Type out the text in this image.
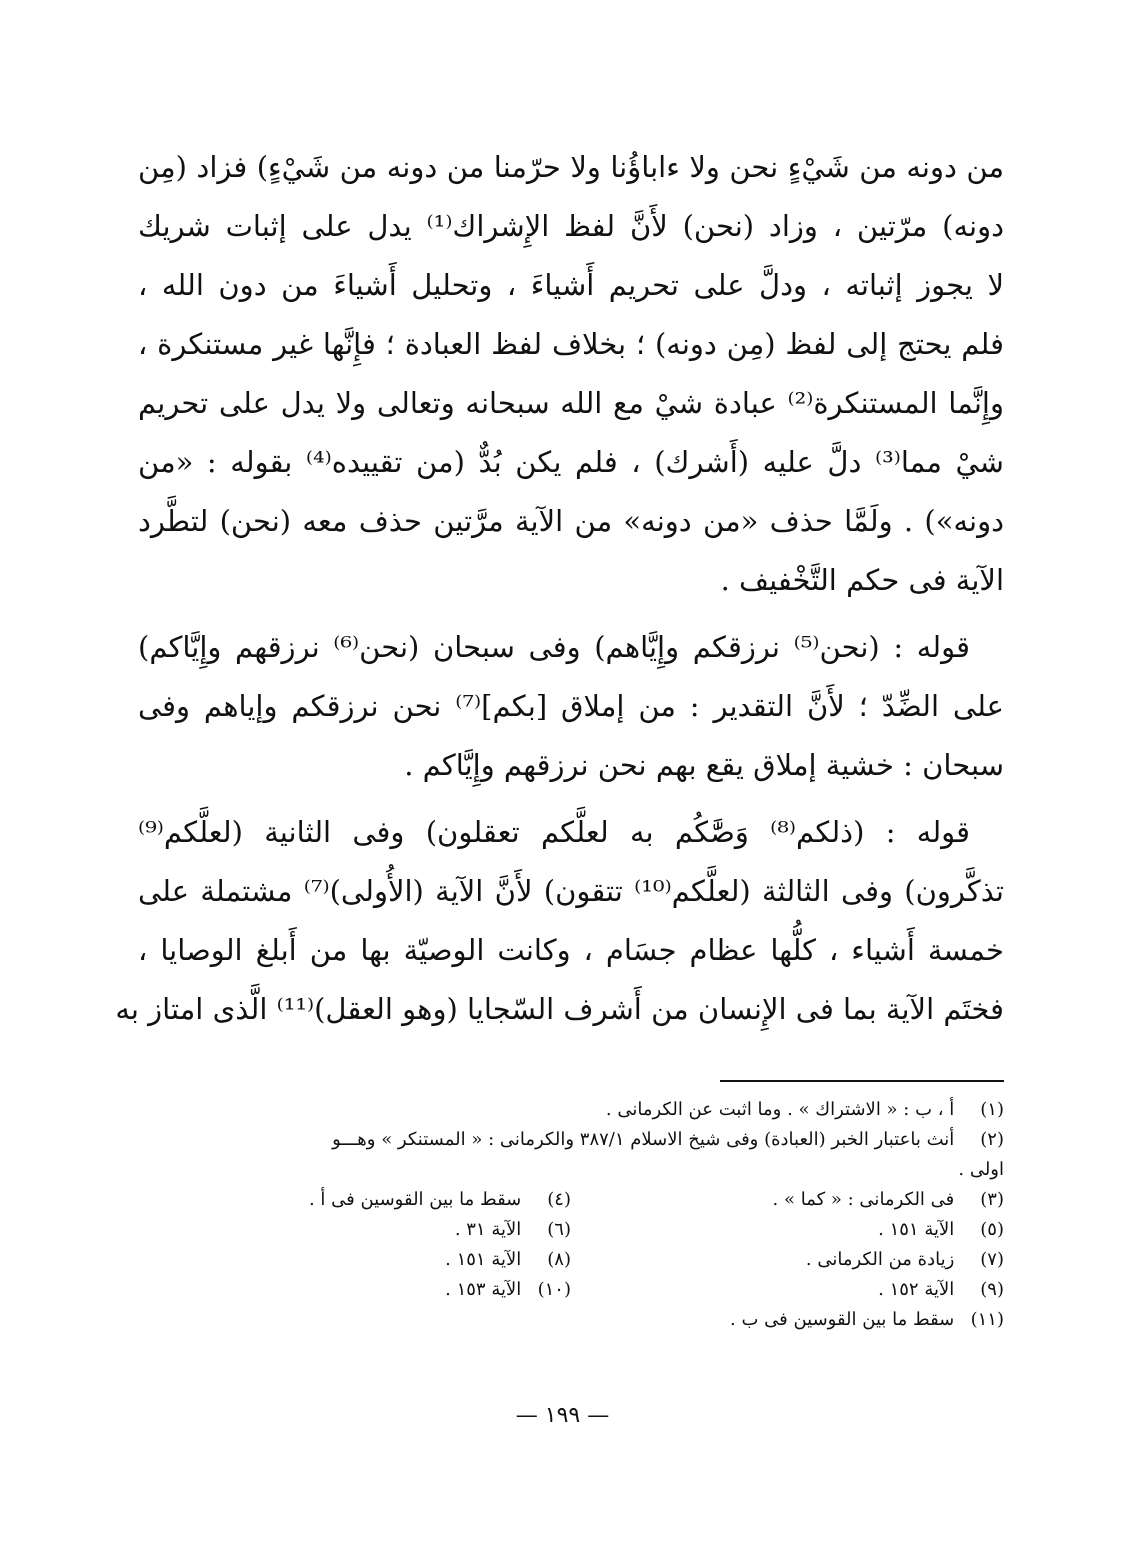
من دونه من شَيْءٍ نحن ولا ءاباؤُنا ولا حرّمنا من دونه من شَيْءٍ) فزاد (مِن
دونه) مرّتين ، وزاد (نحن) لأَنَّ لفظ الإِشراك⁽¹⁾ يدل على إثبات شريك
لا يجوز إثباته ، ودلَّ على تحريم أَشياءَ ، وتحليل أَشياءَ من دون الله ،
فلم يحتج إلى لفظ (مِن دونه) ؛ بخلاف لفظ العبادة ؛ فإِنَّها غير مستنكرة ،
وإِنَّما المستنكرة⁽²⁾ عبادة شيْ مع الله سبحانه وتعالى ولا يدل على تحريم
شيْ مما⁽³⁾ دلَّ عليه (أَشرك) ، فلم يكن بُدٌّ (من تقييده⁽⁴⁾ بقوله : «من
دونه») . ولَمَّا حذف «من دونه» من الآية مرَّتين حذف معه (نحن) لتطَّرد
الآية فى حكم التَّخْفيف .
قوله : (نحن⁽⁵⁾ نرزقكم وإِيَّاهم) وفى سبحان (نحن⁽⁶⁾ نرزقهم وإِيَّاكم)
على الضِّدّ ؛ لأَنَّ التقدير : من إملاق [بكم]⁽⁷⁾ نحن نرزقكم وإياهم وفى
سبحان : خشية إملاق يقع بهم نحن نرزقهم وإِيَّاكم .
قوله : (ذلكم⁽⁸⁾ وَصَّٰكُم به لعلَّكم تعقلون) وفى الثانية (لعلَّكم⁽⁹⁾
تذكَّرون) وفى الثالثة (لعلَّكم⁽¹⁰⁾ تتقون) لأَنَّ الآية (الأُولى)⁽⁷⁾ مشتملة على
خمسة أَشياء ، كلُّها عظام جسَام ، وكانت الوصيّة بها من أَبلغ الوصايا ،
فختَم الآية بما فى الإِنسان من أَشرف السّجايا (وهو العقل)⁽¹¹⁾ الَّذى امتاز به
(١) أ ، ب : « الاشتراك » . وما اثبت عن الكرمانى .
(٢) أنث باعتبار الخبر (العبادة) وفى شيخ الاسلام ٣٨٧/١ والكرمانى : « المستنكر » وهـــو
اولى .
(٣) فى الكرمانى : « كما » .
(٤) سقط ما بين القوسين فى أ .
(٥) الآية ١٥١ .
(٦) الآية ٣١ .
(٧) زيادة من الكرمانى .
(٨) الآية ١٥١ .
(٩) الآية ١٥٢ .
(١٠) الآية ١٥٣ .
(١١) سقط ما بين القوسين فى ب .
— ١٩٩ —
